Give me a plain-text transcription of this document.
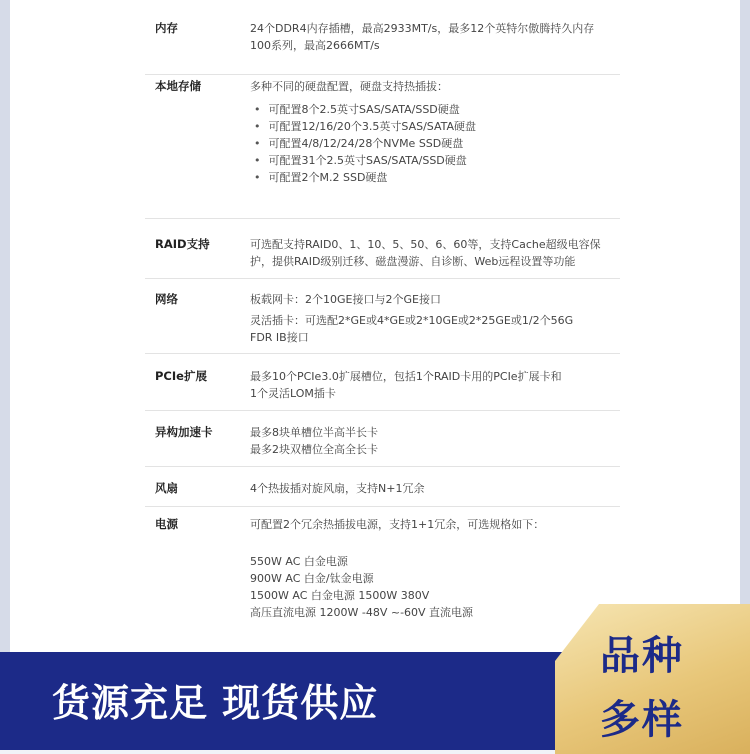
内存	24个DDR4内存插槽，最高2933MT/s，最多12个英特尔傲腾持久内存
100系列，最高2666MT/s
本地存储	多种不同的硬盘配置，硬盘支持热插拔：
• 可配置8个2.5英寸SAS/SATA/SSD硬盘
• 可配置12/16/20个3.5英寸SAS/SATA硬盘
• 可配置4/8/12/24/28个NVMe SSD硬盘
• 可配置31个2.5英寸SAS/SATA/SSD硬盘
• 可配置2个M.2 SSD硬盘
RAID支持	可选配支持RAID0、1、10、5、50、6、60等，支持Cache超级电容保
护，提供RAID级别迁移、磁盘漫游、自诊断、Web远程设置等功能
网络	板载网卡：2个10GE接口与2个GE接口
灵活插卡：可选配2*GE或4*GE或2*10GE或2*25GE或1/2个56G
FDR IB接口
PCIe扩展	最多10个PCIe3.0扩展槽位，包括1个RAID卡用的PCIe扩展卡和
1个灵活LOM插卡
异构加速卡	最多8块单槽位半高半长卡
最多2块双槽位全高全长卡
风扇	4个热拔插对旋风扇，支持N+1冗余
电源	可配置2个冗余热插拔电源，支持1+1冗余，可选规格如下：
550W AC 白金电源
900W AC 白金/钛金电源
1500W AC 白金电源 1500W 380V
高压直流电源 1200W -48V ~-60V 直流电源
货源充足 现货供应
品种
多样
